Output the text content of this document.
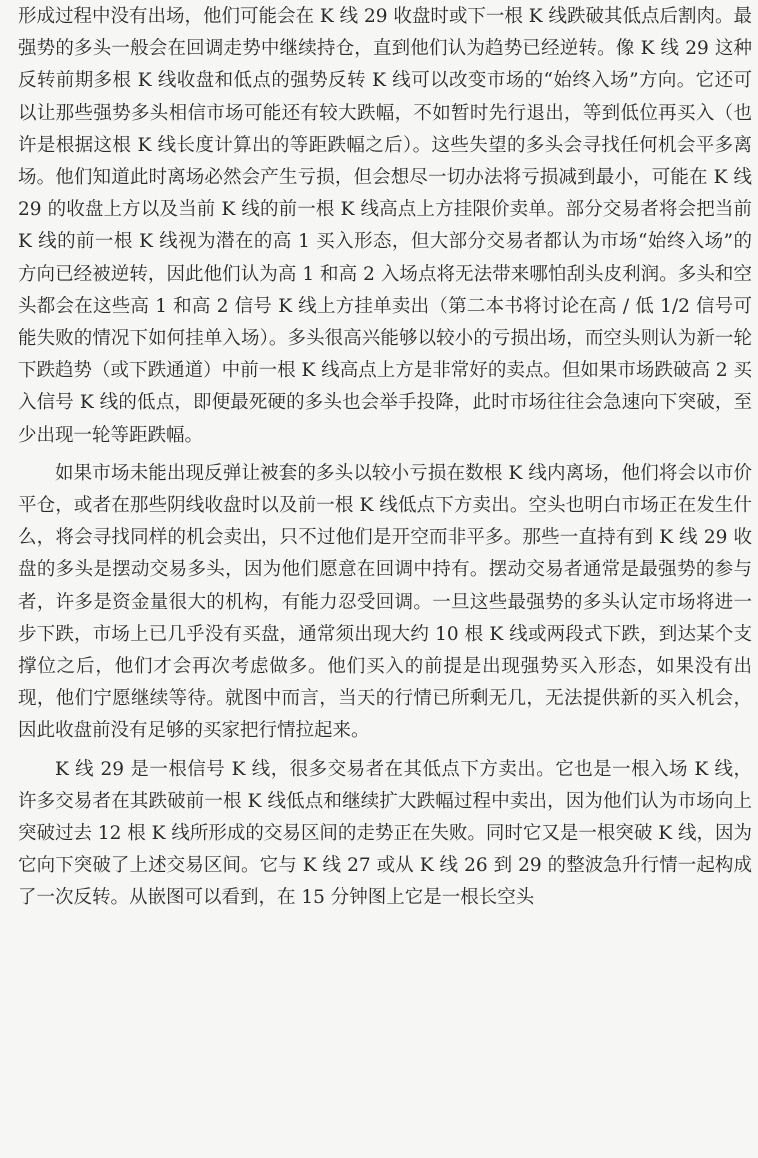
形成过程中没有出场，他们可能会在 K 线 29 收盘时或下一根 K 线跌破其低点后割肉。最强势的多头一般会在回调走势中继续持仓，直到他们认为趋势已经逆转。像 K 线 29 这种反转前期多根 K 线收盘和低点的强势反转 K 线可以改变市场的“始终入场”方向。它还可以让那些强势多头相信市场可能还有较大跌幅，不如暂时先行退出，等到低位再买入（也许是根据这根 K 线长度计算出的等距跌幅之后）。这些失望的多头会寻找任何机会平多离场。他们知道此时离场必然会产生亏损，但会想尽一切办法将亏损减到最小，可能在 K 线 29 的收盘上方以及当前 K 线的前一根 K 线高点上方挂限价卖单。部分交易者将会把当前 K 线的前一根 K 线视为潜在的高 1 买入形态，但大部分交易者都认为市场“始终入场”的方向已经被逆转，因此他们认为高 1 和高 2 入场点将无法带来哪怕刮头皮利润。多头和空头都会在这些高 1 和高 2 信号 K 线上方挂单卖出（第二本书将讨论在高 / 低 1/2 信号可能失败的情况下如何挂单入场）。多头很高兴能够以较小的亏损出场，而空头则认为新一轮下跌趋势（或下跌通道）中前一根 K 线高点上方是非常好的卖点。但如果市场跌破高 2 买入信号 K 线的低点，即便最死硬的多头也会举手投降，此时市场往往会急速向下突破，至少出现一轮等距跌幅。

如果市场未能出现反弹让被套的多头以较小亏损在数根 K 线内离场，他们将会以市价平仓，或者在那些阴线收盘时以及前一根 K 线低点下方卖出。空头也明白市场正在发生什么，将会寻找同样的机会卖出，只不过他们是开空而非平多。那些一直持有到 K 线 29 收盘的多头是摆动交易多头，因为他们愿意在回调中持有。摆动交易者通常是最强势的参与者，许多是资金量很大的机构，有能力忍受回调。一旦这些最强势的多头认定市场将进一步下跌，市场上已几乎没有买盘，通常须出现大约 10 根 K 线或两段式下跌，到达某个支撑位之后，他们才会再次考虑做多。他们买入的前提是出现强势买入形态，如果没有出现，他们宁愿继续等待。就图中而言，当天的行情已所剩无几，无法提供新的买入机会，因此收盘前没有足够的买家把行情拉起来。

K 线 29 是一根信号 K 线，很多交易者在其低点下方卖出。它也是一根入场 K 线，许多交易者在其跌破前一根 K 线低点和继续扩大跌幅过程中卖出，因为他们认为市场向上突破过去 12 根 K 线所形成的交易区间的走势正在失败。同时它又是一根突破 K 线，因为它向下突破了上述交易区间。它与 K 线 27 或从 K 线 26 到 29 的整波急升行情一起构成了一次反转。从嵌图可以看到，在 15 分钟图上它是一根长空头
